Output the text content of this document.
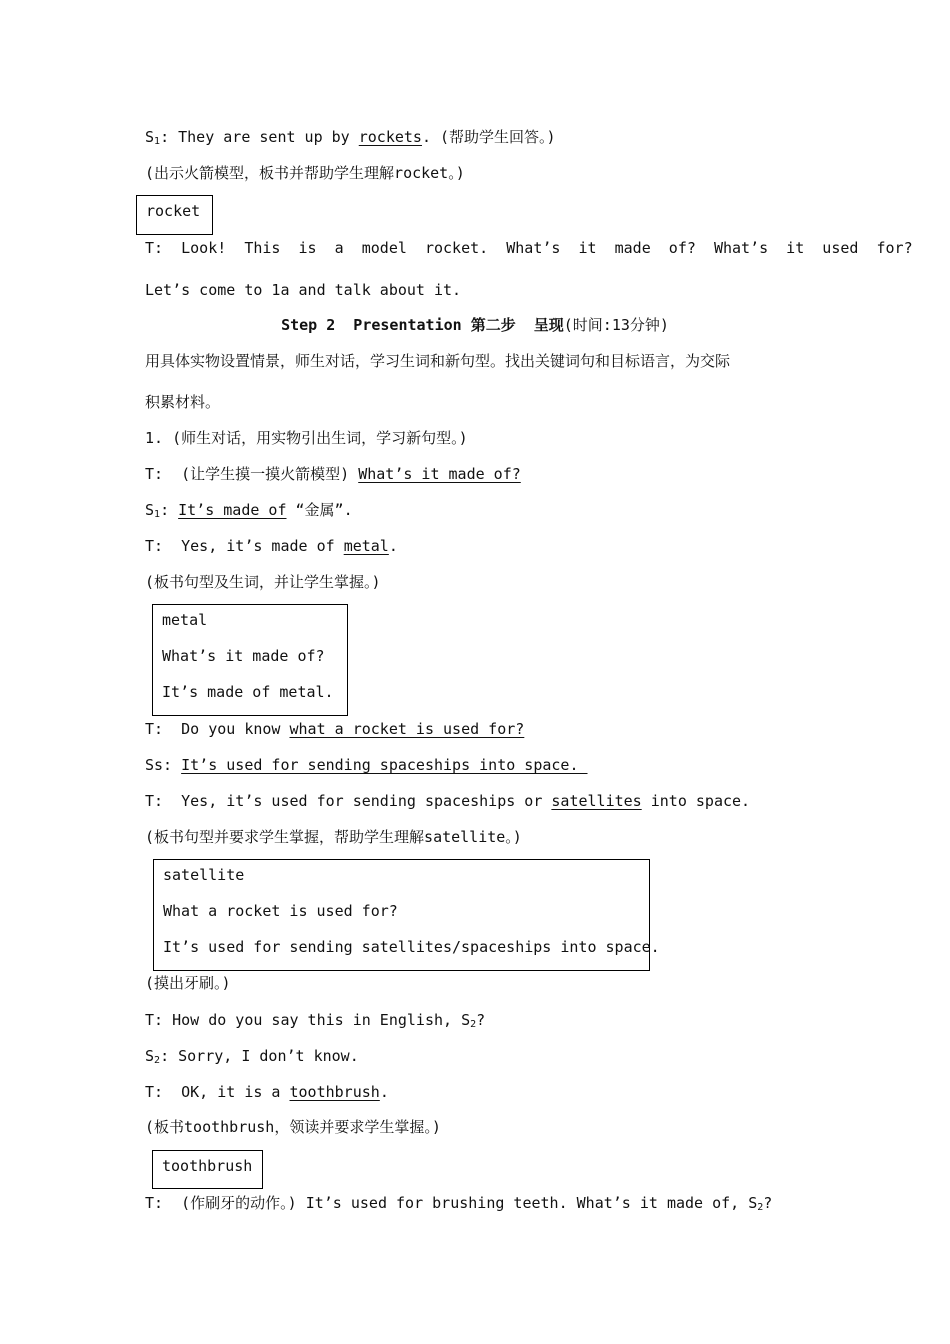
$S_1$: They are sent up by rockets. (帮助学生回答。)
(出示火箭模型，板书并帮助学生理解rocket。)
rocket
T:  Look!  This  is  a  model  rocket.  What’s  it  made  of?  What’s  it  used  for?
Let’s come to 1a and talk about it.
Step 2  Presentation 第二步  呈现(时间:13分钟)
用具体实物设置情景，师生对话，学习生词和新句型。找出关键词句和目标语言，为交际
积累材料。
1. (师生对话，用实物引出生词，学习新句型。)
T:  (让学生摸一摸火箭模型) What’s it made of?
$S_1$: It’s made of “金属”.
T:  Yes, it’s made of metal.
(板书句型及生词，并让学生掌握。)
metal
What’s it made of?
It’s made of metal.
T:  Do you know what a rocket is used for?
Ss: It’s used for sending spaceships into space.
T:  Yes, it’s used for sending spaceships or satellites into space.
(板书句型并要求学生掌握，帮助学生理解satellite。)
satellite
What a rocket is used for?
It’s used for sending satellites/spaceships into space.
(摸出牙刷。)
T: How do you say this in English, $S_2$?
$S_2$: Sorry, I don’t know.
T:  OK, it is a toothbrush.
(板书toothbrush，领读并要求学生掌握。)
toothbrush
T:  (作刷牙的动作。) It’s used for brushing teeth. What’s it made of, $S_2$?
